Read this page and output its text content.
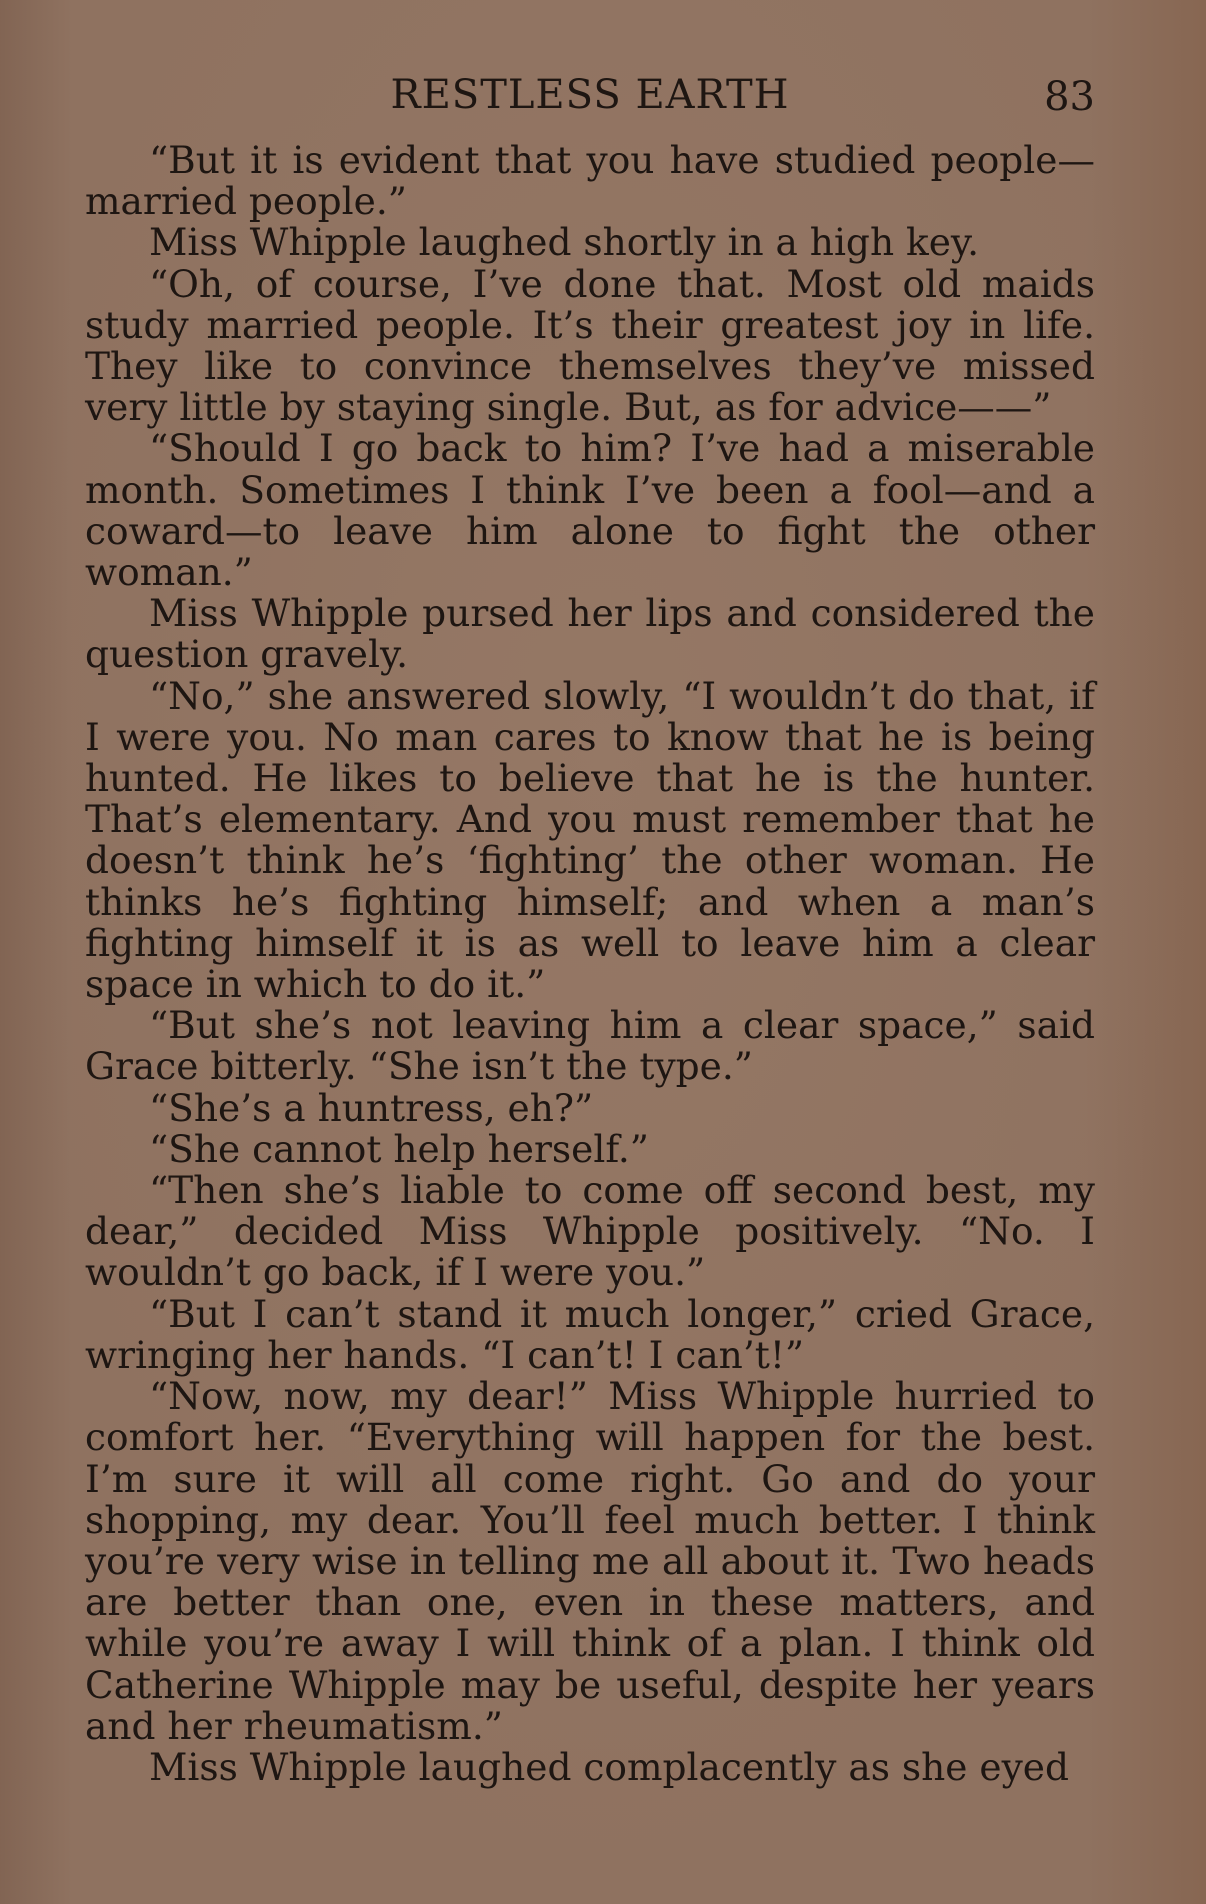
RESTLESS EARTH	83

“But it is evident that you have studied people—married people.”

Miss Whipple laughed shortly in a high key.

“Oh, of course, I’ve done that. Most old maids study married people. It’s their greatest joy in life. They like to convince themselves they’ve missed very little by staying single. But, as for advice——”

“Should I go back to him? I’ve had a miserable month. Sometimes I think I’ve been a fool—and a coward—to leave him alone to fight the other woman.”

Miss Whipple pursed her lips and considered the question gravely.

“No,” she answered slowly, “I wouldn’t do that, if I were you. No man cares to know that he is being hunted. He likes to believe that he is the hunter. That’s elementary. And you must remember that he doesn’t think he’s ‘fighting’ the other woman. He thinks he’s fighting himself; and when a man’s fighting himself it is as well to leave him a clear space in which to do it.”

“But she’s not leaving him a clear space,” said Grace bitterly. “She isn’t the type.”

“She’s a huntress, eh?”

“She cannot help herself.”

“Then she’s liable to come off second best, my dear,” decided Miss Whipple positively. “No. I wouldn’t go back, if I were you.”

“But I can’t stand it much longer,” cried Grace, wringing her hands. “I can’t! I can’t!”

“Now, now, my dear!” Miss Whipple hurried to comfort her. “Everything will happen for the best. I’m sure it will all come right. Go and do your shopping, my dear. You’ll feel much better. I think you’re very wise in telling me all about it. Two heads are better than one, even in these matters, and while you’re away I will think of a plan. I think old Catherine Whipple may be useful, despite her years and her rheumatism.”

Miss Whipple laughed complacently as she eyed
